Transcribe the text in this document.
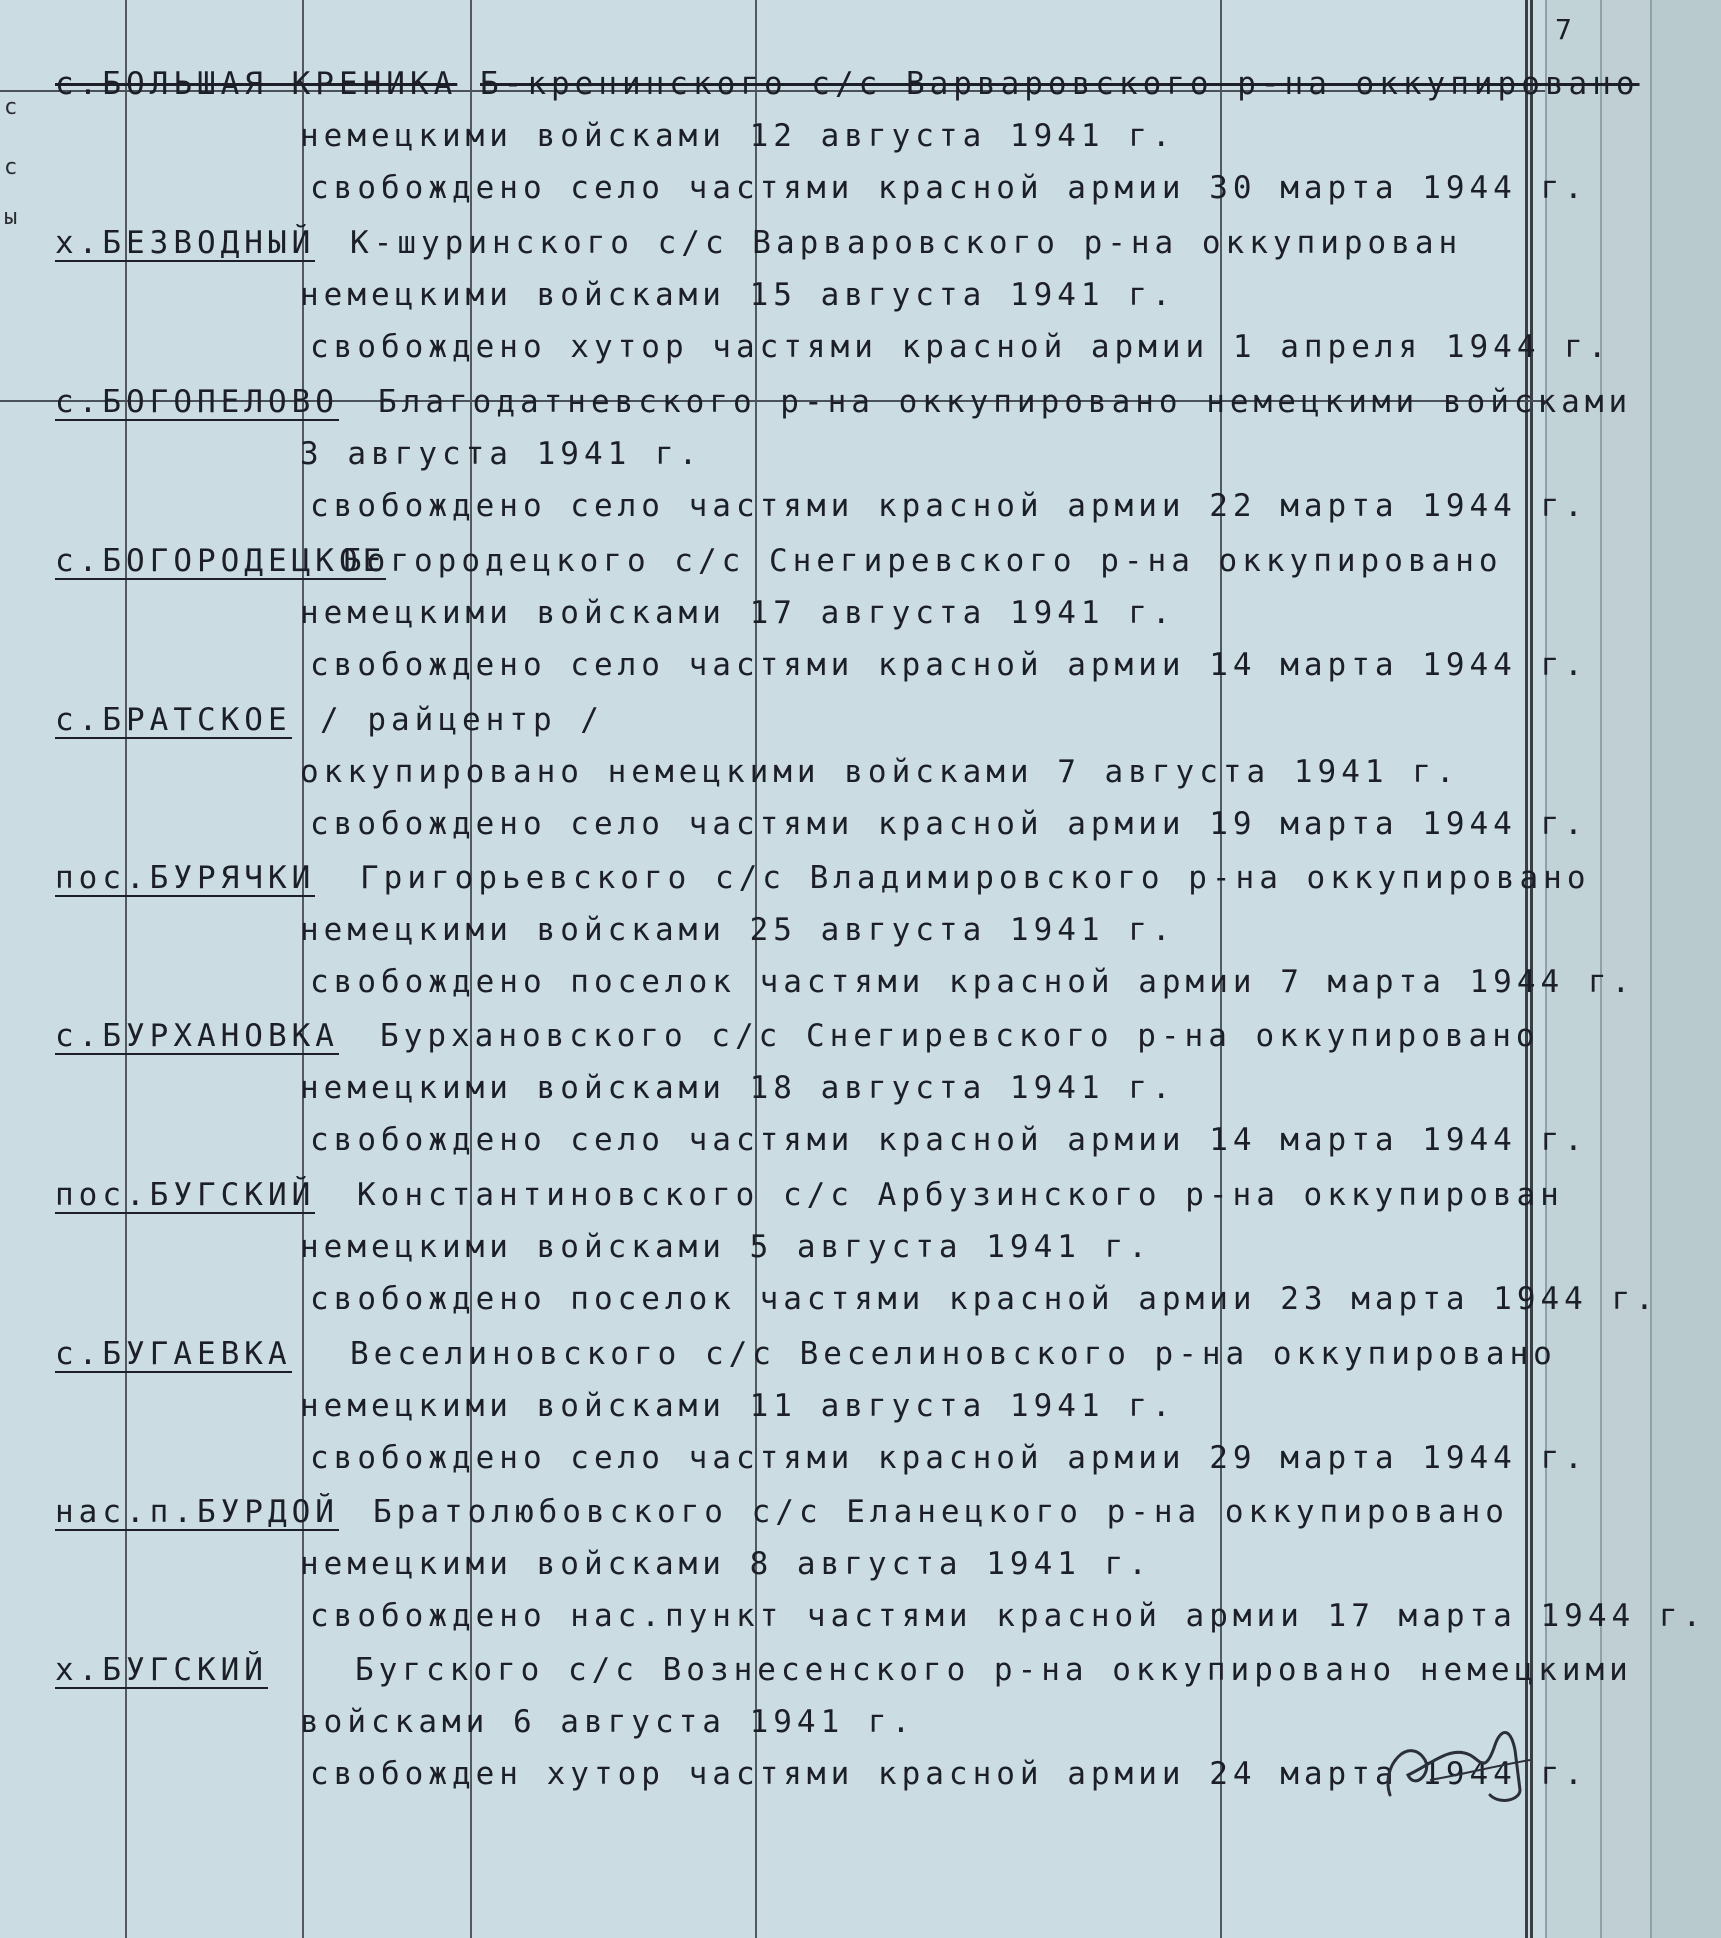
с
с
ы
7
с.БОЛЬШАЯ КРЕНИКА Б-кренинского с/с Варваровского р-на оккупировано
немецкими войсками 12 августа 1941 г.
свобождено село частями красной армии 30 марта 1944 г.
х.БЕЗВОДНЫЙ К-шуринского с/с Варваровского р-на оккупирован
немецкими войсками 15 августа 1941 г.
свобождено хутор частями красной армии 1 апреля 1944 г.
с.БОГОПЕЛОВО Благодатневского р-на оккупировано немецкими войсками
3 августа 1941 г.
свобождено село частями красной армии 22 марта 1944 г.
с.БОГОРОДЕЦКОЕ
Богородецкого с/с Снегиревского р-на оккупировано
немецкими войсками 17 августа 1941 г.
свобождено село частями красной армии 14 марта 1944 г.
с.БРАТСКОЕ / райцентр /
оккупировано немецкими войсками 7 августа 1941 г.
свобождено село частями красной армии 19 марта 1944 г.
пос.БУРЯЧКИ Григорьевского с/с Владимировского р-на оккупировано
немецкими войсками 25 августа 1941 г.
свобождено поселок частями красной армии 7 марта 1944 г.
с.БУРХАНОВКА Бурхановского с/с Снегиревского р-на оккупировано
немецкими войсками 18 августа 1941 г.
свобождено село частями красной армии 14 марта 1944 г.
пос.БУГСКИЙ Константиновского с/с Арбузинского р-на оккупирован
немецкими войсками 5 августа 1941 г.
свобождено поселок частями красной армии 23 марта 1944 г.
с.БУГАЕВКА Веселиновского с/с Веселиновского р-на оккупировано
немецкими войсками 11 августа 1941 г.
свобождено село частями красной армии 29 марта 1944 г.
нас.п.БУРДОЙ Братолюбовского с/с Еланецкого р-на оккупировано
немецкими войсками 8 августа 1941 г.
свобождено нас.пункт частями красной армии 17 марта 1944 г.
х.БУГСКИЙ	Бугского с/с Вознесенского р-на оккупировано немецкими
войсками 6 августа 1941 г.
свобожден хутор частями красной армии 24 марта 1944 г.
